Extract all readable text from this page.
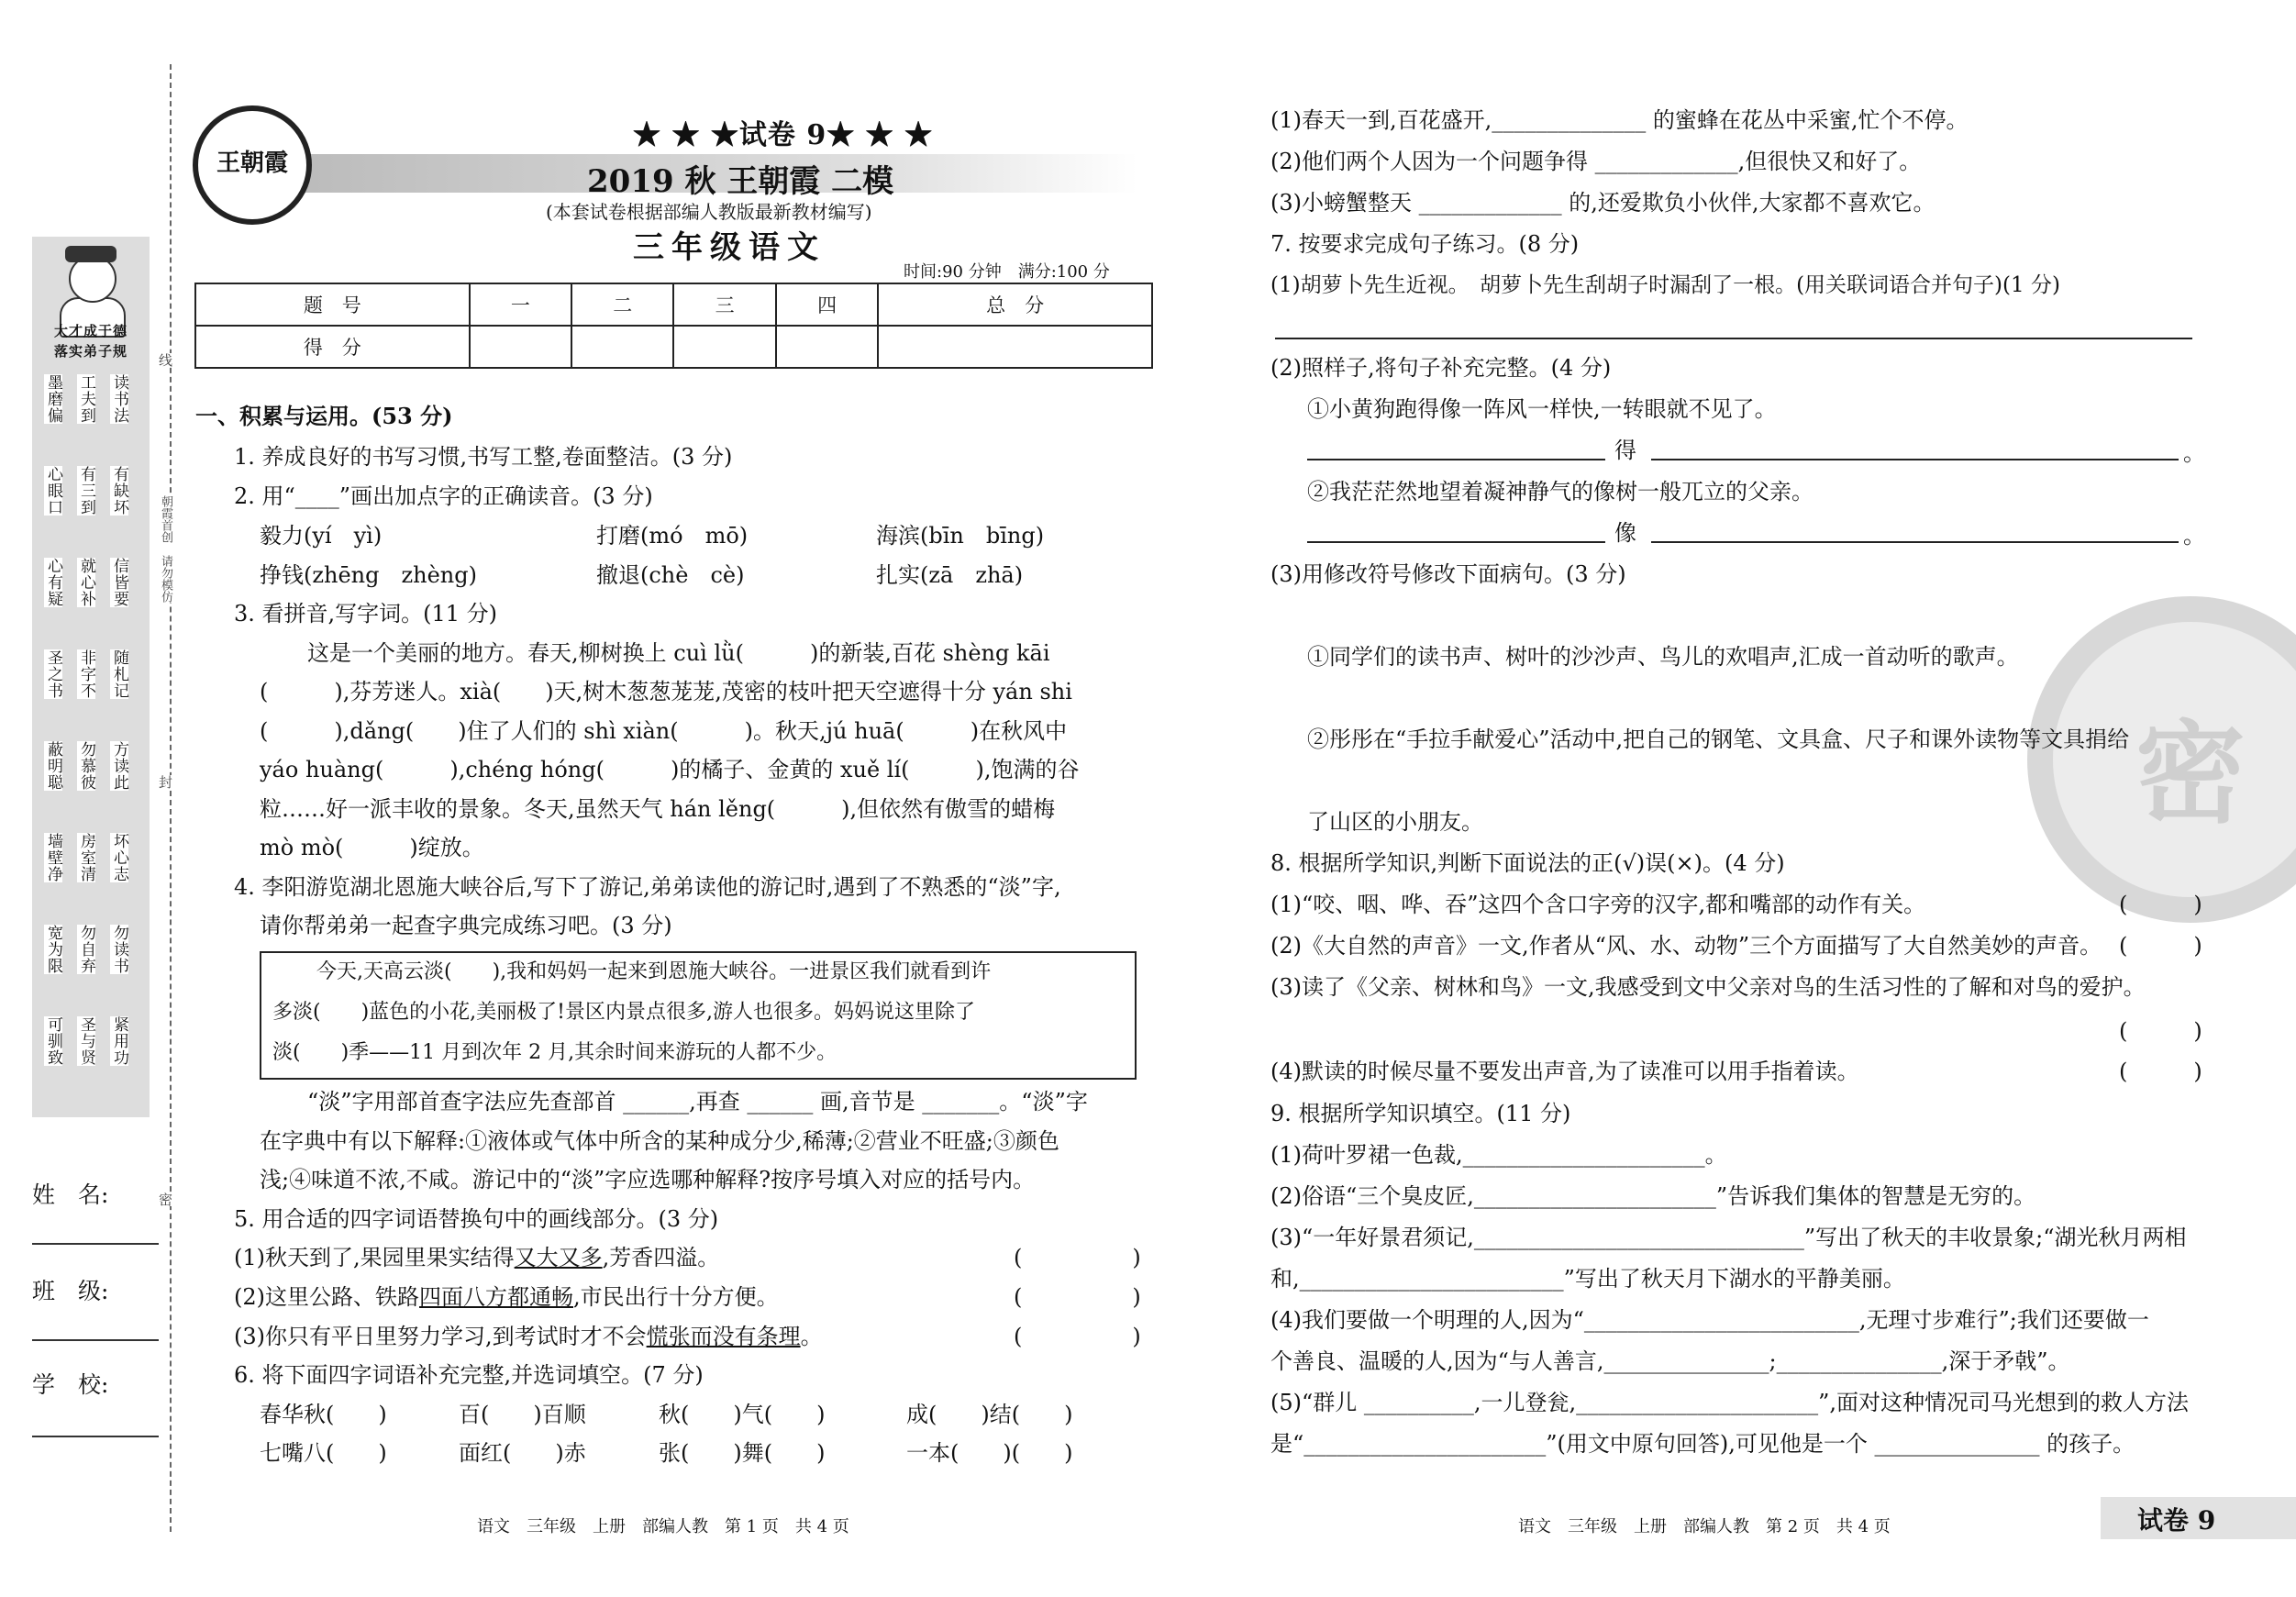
线
朝霞首创　请勿模仿
封
密
大才成于德
落实弟子规
墨磨偏 工夫到 读书法
心眼口 有三到 有缺坏
心有疑 就心补 信皆要
圣之书 非字不 随札记
蔽明聪 勿慕彼 方读此
墙壁净 房室清 坏心志
宽为限 勿自弃 勿读书
可驯致 圣与贤 紧用功
姓　名:
班　级:
学　校:
王朝霞
★ ★ ★试卷 9★ ★ ★
2019 秋 王朝霞 二模
(本套试卷根据部编人教版最新教材编写)
三年级语文
时间:90 分钟　满分:100 分
题　号	一	二	三	四	总　分
得　分					
一、积累与运用。(53 分)
1. 养成良好的书写习惯,书写工整,卷面整洁。(3 分)
2. 用“____”画出加点字的正确读音。(3 分)
毅力(yí　yì)	打磨(mó　mō)	海滨(bīn　bīng)
挣钱(zhēng　zhèng)	撤退(chè　cè)	扎实(zā　zhā)
3. 看拼音,写字词。(11 分)
这是一个美丽的地方。春天,柳树换上 cuì lǜ(　　　)的新装,百花 shèng kāi
(　　　),芬芳迷人。xià(　　)天,树木葱葱茏茏,茂密的枝叶把天空遮得十分 yán shi
(　　　),dǎng(　　)住了人们的 shì xiàn(　　　)。秋天,jú huā(　　　)在秋风中
yáo huàng(　　　),chéng hóng(　　　)的橘子、金黄的 xuě lí(　　　),饱满的谷
粒……好一派丰收的景象。冬天,虽然天气 hán lěng(　　　),但依然有傲雪的蜡梅
mò mò(　　　)绽放。
4. 李阳游览湖北恩施大峡谷后,写下了游记,弟弟读他的游记时,遇到了不熟悉的“淡”字,
请你帮弟弟一起查字典完成练习吧。(3 分)
今天,天高云淡(　　),我和妈妈一起来到恩施大峡谷。一进景区我们就看到许
多淡(　　)蓝色的小花,美丽极了!景区内景点很多,游人也很多。妈妈说这里除了
淡(　　)季——11 月到次年 2 月,其余时间来游玩的人都不少。
“淡”字用部首查字法应先查部首 ______,再查 ______ 画,音节是 _______。“淡”字
在字典中有以下解释:①液体或气体中所含的某种成分少,稀薄;②营业不旺盛;③颜色
浅;④味道不浓,不咸。游记中的“淡”字应选哪种解释?按序号填入对应的括号内。
5. 用合适的四字词语替换句中的画线部分。(3 分)
(1)秋天到了,果园里果实结得又大又多,芳香四溢。	(　　　　　)
(2)这里公路、铁路四面八方都通畅,市民出行十分方便。	(　　　　　)
(3)你只有平日里努力学习,到考试时才不会慌张而没有条理。	(　　　　　)
6. 将下面四字词语补充完整,并选词填空。(7 分)
春华秋(　　)	百(　　)百顺	秋(　　)气(　　)	成(　　)结(　　)
七嘴八(　　)	面红(　　)赤	张(　　)舞(　　)	一本(　　)(　　)
语文　三年级　上册　部编人教　第 1 页　共 4 页
密
(1)春天一到,百花盛开,______________ 的蜜蜂在花丛中采蜜,忙个不停。
(2)他们两个人因为一个问题争得 _____________,但很快又和好了。
(3)小螃蟹整天 _____________ 的,还爱欺负小伙伴,大家都不喜欢它。
7. 按要求完成句子练习。(8 分)
(1)胡萝卜先生近视。　胡萝卜先生刮胡子时漏刮了一根。(用关联词语合并句子)(1 分)
(2)照样子,将句子补充完整。(4 分)
①小黄狗跑得像一阵风一样快,一转眼就不见了。
得	。
②我茫茫然地望着凝神静气的像树一般兀立的父亲。
像	。
(3)用修改符号修改下面病句。(3 分)
①同学们的读书声、树叶的沙沙声、鸟儿的欢唱声,汇成一首动听的歌声。
②彤彤在“手拉手献爱心”活动中,把自己的钢笔、文具盒、尺子和课外读物等文具捐给
了山区的小朋友。
8. 根据所学知识,判断下面说法的正(√)误(×)。(4 分)
(1)“咬、咽、哗、吞”这四个含口字旁的汉字,都和嘴部的动作有关。	(　　　)
(2)《大自然的声音》一文,作者从“风、水、动物”三个方面描写了大自然美妙的声音。 (　　　)
(3)读了《父亲、树林和鸟》一文,我感受到文中父亲对鸟的生活习性的了解和对鸟的爱护。
(　　　)
(4)默读的时候尽量不要发出声音,为了读准可以用手指着读。	(　　　)
9. 根据所学知识填空。(11 分)
(1)荷叶罗裙一色裁,______________________。
(2)俗语“三个臭皮匠,______________________”告诉我们集体的智慧是无穷的。
(3)“一年好景君须记,______________________________”写出了秋天的丰收景象;“湖光秋月两相
和,________________________”写出了秋天月下湖水的平静美丽。
(4)我们要做一个明理的人,因为“_________________________,无理寸步难行”;我们还要做一
个善良、温暖的人,因为“与人善言,_______________;_______________,深于矛戟”。
(5)“群儿 __________,一儿登瓮,______________________”,面对这种情况司马光想到的救人方法
是“______________________”(用文中原句回答),可见他是一个 _______________ 的孩子。
语文　三年级　上册　部编人教　第 2 页　共 4 页	试卷 9
